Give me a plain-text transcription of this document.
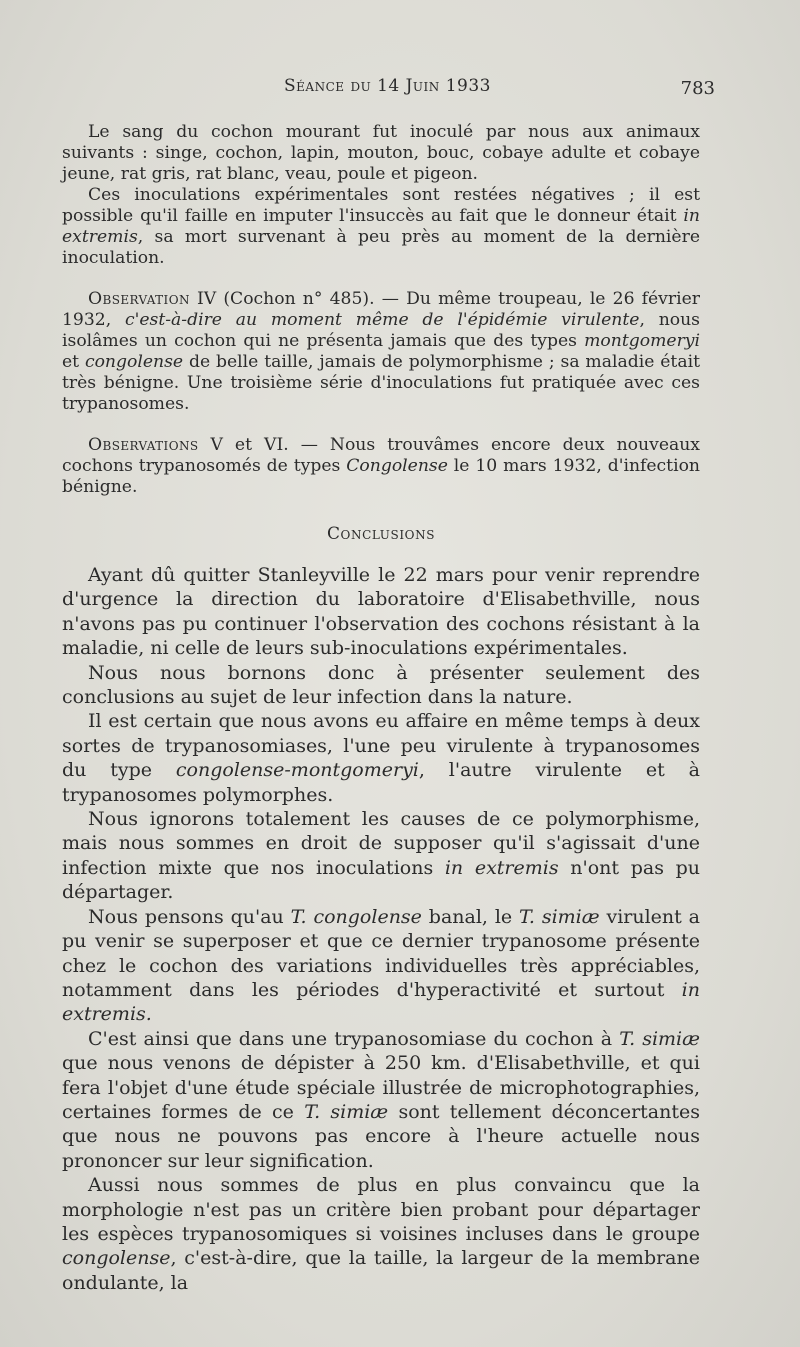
Séance du 14 Juin 1933	783

Le sang du cochon mourant fut inoculé par nous aux animaux suivants : singe, cochon, lapin, mouton, bouc, cobaye adulte et cobaye jeune, rat gris, rat blanc, veau, poule et pigeon.

Ces inoculations expérimentales sont restées négatives ; il est possible qu'il faille en imputer l'insuccès au fait que le donneur était in extremis, sa mort survenant à peu près au moment de la dernière inoculation.

Observation IV (Cochon n° 485). — Du même troupeau, le 26 février 1932, c'est-à-dire au moment même de l'épidémie virulente, nous isolâmes un cochon qui ne présenta jamais que des types montgomeryi et congolense de belle taille, jamais de polymorphisme ; sa maladie était très bénigne. Une troisième série d'inoculations fut pratiquée avec ces trypanosomes.

Observations V et VI. — Nous trouvâmes encore deux nouveaux cochons trypanosomés de types Congolense le 10 mars 1932, d'infection bénigne.

Conclusions

Ayant dû quitter Stanleyville le 22 mars pour venir reprendre d'urgence la direction du laboratoire d'Elisabethville, nous n'avons pas pu continuer l'observation des cochons résistant à la maladie, ni celle de leurs sub-inoculations expérimentales.

Nous nous bornons donc à présenter seulement des conclusions au sujet de leur infection dans la nature.

Il est certain que nous avons eu affaire en même temps à deux sortes de trypanosomiases, l'une peu virulente à trypanosomes du type congolense-montgomeryi, l'autre virulente et à trypanosomes polymorphes.

Nous ignorons totalement les causes de ce polymorphisme, mais nous sommes en droit de supposer qu'il s'agissait d'une infection mixte que nos inoculations in extremis n'ont pas pu départager.

Nous pensons qu'au T. congolense banal, le T. simiæ virulent a pu venir se superposer et que ce dernier trypanosome présente chez le cochon des variations individuelles très appréciables, notamment dans les périodes d'hyperactivité et surtout in extremis.

C'est ainsi que dans une trypanosomiase du cochon à T. simiæ que nous venons de dépister à 250 km. d'Elisabethville, et qui fera l'objet d'une étude spéciale illustrée de microphotographies, certaines formes de ce T. simiæ sont tellement déconcertantes que nous ne pouvons pas encore à l'heure actuelle nous prononcer sur leur signification.

Aussi nous sommes de plus en plus convaincu que la morphologie n'est pas un critère bien probant pour départager les espèces trypanosomiques si voisines incluses dans le groupe congolense, c'est-à-dire, que la taille, la largeur de la membrane ondulante, la
